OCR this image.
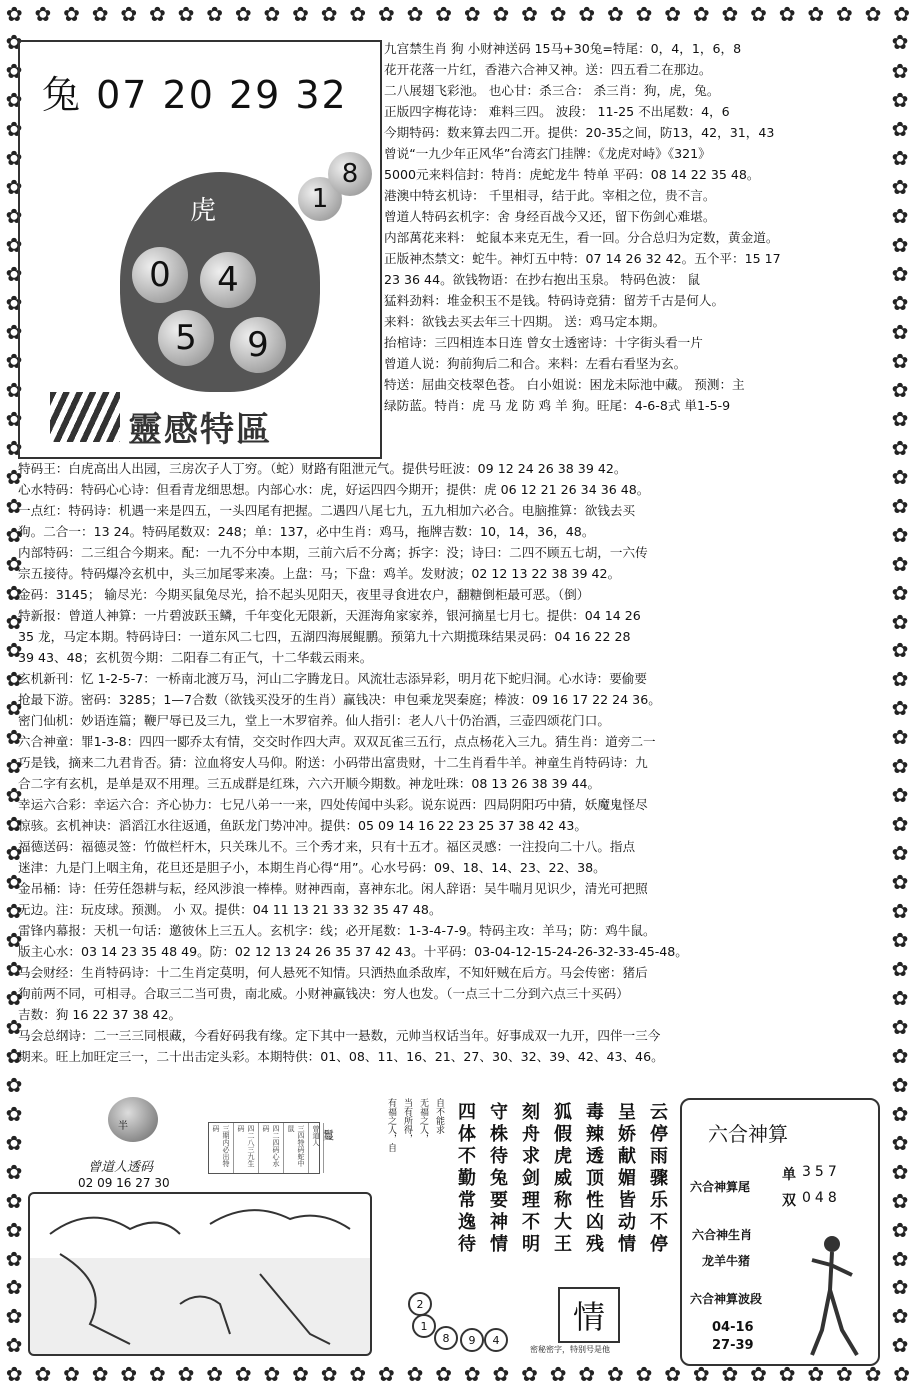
✿ ✿ ✿ ✿ ✿ ✿ ✿ ✿ ✿ ✿ ✿ ✿ ✿ ✿ ✿ ✿ ✿ ✿ ✿ ✿ ✿ ✿ ✿ ✿ ✿ ✿ ✿ ✿ ✿ ✿ ✿ ✿
✿ ✿ ✿ ✿ ✿ ✿ ✿ ✿ ✿ ✿ ✿ ✿ ✿ ✿ ✿ ✿ ✿ ✿ ✿ ✿ ✿ ✿ ✿ ✿ ✿ ✿ ✿ ✿ ✿ ✿ ✿ ✿
✿
✿
✿
✿
✿
✿
✿
✿
✿
✿
✿
✿
✿
✿
✿
✿
✿
✿
✿
✿
✿
✿
✿
✿
✿
✿
✿
✿
✿
✿
✿
✿
✿
✿
✿
✿
✿
✿
✿
✿
✿
✿
✿
✿
✿
✿
✿
✿
✿
✿
✿
✿
✿
✿
✿
✿
✿
✿
✿
✿
✿
✿
✿
✿
✿
✿
✿
✿
✿
✿
✿
✿
✿
✿
✿
✿
✿
✿
✿
✿
✿
✿
✿
✿
✿
✿
✿
✿
✿
✿
✿
✿
兔 07 20 29 32
虎
0	4
5	9
1
8
靈感特區
九宫禁生肖 狗 小财神送码 15马+30兔=特尾：0，4，1，6，8
花开花落一片红，香港六合神又神。送：四五看二在那边。
二八展翅飞彩池。 也心甘：杀三合： 杀三肖：狗，虎，兔。
正版四字梅花诗： 难料三四。 波段： 11-25 不出尾数：4，6
今期特码：数来算去四二开。提供：20-35之间，防13，42，31，43
曾说“一九少年正风华”台湾玄门挂牌：《龙虎对峙》《321》
5000元来料信封：特肖：虎蛇龙牛 特单 平码：08 14 22 35 48。
港澳中特玄机诗： 千里相寻，结于此。宰相之位，贵不言。
曾道人特码玄机字：舍 身经百战今又还，留下伤剑心难堪。
内部萬花来料： 蛇鼠本来克无生，看一回。分合总归为定数，黄金道。
正版神杰禁文：蛇牛。神灯五中特：07 14 26 32 42。五个平：15 17
23 36 44。欲钱物语：在抄右抱出玉泉。 特码色波： 鼠
猛料劲料：堆金积玉不是钱。特码诗竞猜：留芳千古是何人。
来料：欲钱去买去年三十四期。 送：鸡马定本期。
抬棺诗：三四相连本日连 曾女士透密诗：十字街头看一片
曾道人说：狗前狗后二和合。来料：左看右看坚为玄。
特送：屈曲交枝翠色苍。 白小姐说：困龙未际池中藏。 预测：主
绿防蓝。特肖：虎 马 龙 防 鸡 羊 狗。旺尾：4-6-8式 単1-5-9
特码王：白虎高出人出园，三房次子人丁穷。（蛇）财路有阻泄元气。提供号旺波：09 12 24 26 38 39 42。
心水特码：特码心心诗：但看青龙细思想。内部心水：虎，好运四四今期开；提供：虎 06 12 21 26 34 36 48。
一点红：特码诗：机遇一来是四五，一头四尾有把握。二遇四八尾七九，五九相加六必合。电脑推算：欲钱去买
狗。二合一：13 24。特码尾数双：248；单：137，必中生肖：鸡马，拖牌吉数：10，14，36，48。
内部特码：二三组合今期来。配：一九不分中本期，三前六后不分离；拆字：没；诗曰：二四不顾五七胡，一六传
宗五接待。特码爆冷玄机中，头三加尾零来凑。上盘：马；下盘：鸡羊。发财波；02 12 13 22 38 39 42。
金码：3145； 输尽光：今期买鼠兔尽光，拾不起头见阳天，夜里寻食进农户，翻糖倒柜最可恶。（倒）
特新报：曾道人神算：一片碧波跃玉鳞，千年变化无限新，天涯海角家家养，银河摘星七月七。提供：04 14 26
35 龙，马定本期。特码诗曰：一道东风二七四，五湖四海展鲲鹏。预第九十六期揽珠结果灵码：04 16 22 28
39 43、48；玄机贺今期：二阳春二有正气，十二华载云雨来。
玄机新刊：忆 1-2-5-7：一桥南北渡万马，河山二字腾龙日。风流壮志添异彩，明月花下蛇归洞。心水诗：要偷要
抢最下游。密码：3285；1—7合数（欲钱买没牙的生肖）赢钱决：申包乘龙哭秦庭；棒波：09 16 17 22 24 36。
密门仙机：妙语连篇；鞭尸辱已及三九，堂上一木罗宿养。仙人指引：老人八十仍治酒，三壶四颂花门口。
六合神童：罪1-3-8：四四一郾乔太有情，交交时作四大声。双双瓦雀三五行，点点杨花入三九。猜生肖：道旁二一
巧是钱，摘来二九君肯否。猜：泣血将安人马仰。附送：小码带出富贵财，十二生肖看牛羊。神童生肖特码诗：九
合二字有玄机，是单是双不用理。三五成群是红珠，六六开顺今期数。神龙吐珠：08 13 26 38 39 44。
幸运六合彩：幸运六合：齐心协力：七兄八弟一一来，四处传闻中头彩。说东说西：四局阴阳巧中猜，妖魔鬼怪尽
惊骇。玄机神诀：滔滔江水往返通，鱼跃龙门势冲冲。提供：05 09 14 16 22 23 25 37 38 42 43。
福德送码：福德灵签：竹做栏杆木，只关珠儿不。三个秀才来，只有十五才。福区灵感：一注投向二十八。指点
迷津：九是门上咽主角，花旦还是胆子小，本期生肖心得“用”。心水号码：09、18、14、23、22、38。
金吊桶：诗：任劳任怨耕与耘，经风涉浪一棒棒。财神西南，喜神东北。闲人辞语：吴牛喘月见识少，清光可把照
无边。注：玩皮球。预测。 小 双。提供：04 11 13 21 33 32 35 47 48。
雷锋内幕报：天机一句话：邀彼休上三五人。玄机字：线；必开尾数：1-3-4-7-9。特码主攻：羊马；防：鸡牛鼠。
版主心水：03 14 23 35 48 49。防：02 12 13 24 26 35 37 42 43。十平码：03-04-12-15-24-26-32-33-45-48。
马会财经：生肖特码诗：十二生肖定莫明，何人悬死不知情。只洒热血杀敌库，不知奸贼在后方。马会传密：猪后
狗前两不同，可相寻。合取三二当可贵，南北威。小财神赢钱决：穷人也发。（一点三十二分到六点三十买码）
吉数：狗 16 22 37 38 42。
马会总纲诗：二一三三同根藏，今看好码我有缘。定下其中一悬数，元帅当权话当年。好事成双一九开，四伴一三今
期来。旺上加旺定三一，二十出击定头彩。本期特供：01、08、11、16、21、27、30、32、39、42、43、46。
半	三期内必出特码	四二八三九生码	四二四码心水码	三四特码蛇中鼠	曾道人 鬘
曾道人透码
02 09 16 27 30
有福之人，自 当有所得， 无福之人， 自不能求	云停雨骤乐不停
呈娇献媚皆动情
毒辣透顶性凶残
狐假虎威称大王
刻舟求剑理不明
守株待兔要神情
四体不勤常逸待
2
1
8	9	4
情
密秘密字，特别号是他
六合神算
六合神算尾
单 357
双 048
六合神生肖
龙羊牛猪
六合神算波段
04-16
27-39
